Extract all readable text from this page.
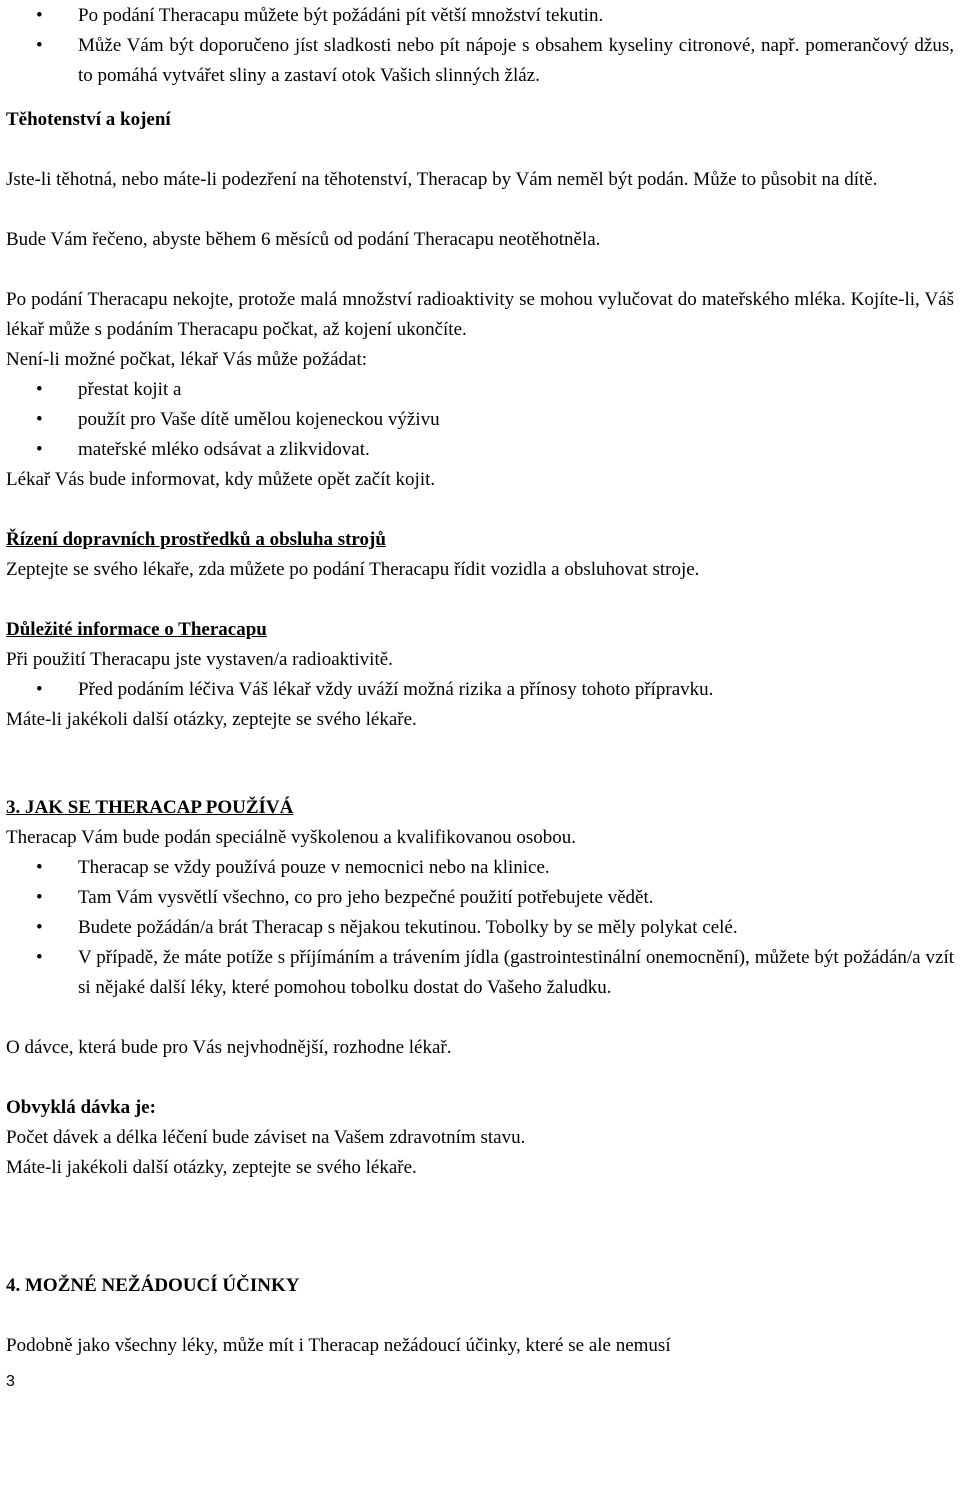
• Po podání Theracapu můžete být požádáni pít větší množství tekutin.
• Může Vám být doporučeno jíst sladkosti nebo pít nápoje s obsahem kyseliny citronové, např. pomerančový džus, to pomáhá vytvářet sliny a zastaví otok Vašich slinných žláz.

Těhotenství a kojení

Jste-li těhotná, nebo máte-li podezření na těhotenství, Theracap by Vám neměl být podán. Může to působit na dítě.

Bude Vám řečeno, abyste během 6 měsíců od podání Theracapu neotěhotněla.

Po podání Theracapu nekojte, protože malá množství radioaktivity se mohou vylučovat do mateřského mléka. Kojíte-li, Váš lékař může s podáním Theracapu počkat, až kojení ukončíte.

Není-li možné počkat, lékař Vás může požádat:

• přestat kojit a
• použít pro Vaše dítě umělou kojeneckou výživu
• mateřské mléko odsávat a zlikvidovat.

Lékař Vás bude informovat, kdy můžete opět začít kojit.

Řízení dopravních prostředků a obsluha strojů

Zeptejte se svého lékaře, zda můžete po podání Theracapu řídit vozidla a obsluhovat stroje.

Důležité informace o Theracapu

Při použití Theracapu jste vystaven/a radioaktivitě.

• Před podáním léčiva Váš lékař vždy uváží možná rizika a přínosy tohoto přípravku.

Máte-li jakékoli další otázky, zeptejte se svého lékaře.

3. JAK SE THERACAP POUŽÍVÁ

Theracap Vám bude podán speciálně vyškolenou a kvalifikovanou osobou.

• Theracap se vždy používá pouze v nemocnici nebo na klinice.
• Tam Vám vysvětlí všechno, co pro jeho bezpečné použití potřebujete vědět.
• Budete požádán/a brát Theracap s nějakou tekutinou. Tobolky by se měly polykat celé.
• V případě, že máte potíže s příjímáním a trávením jídla (gastrointestinální onemocnění), můžete být požádán/a vzít si nějaké další léky, které pomohou tobolku dostat do Vašeho žaludku.

O dávce, která bude pro Vás nejvhodnější, rozhodne lékař.

Obvyklá dávka je:

Počet dávek a délka léčení bude záviset na Vašem zdravotním stavu.

Máte-li jakékoli další otázky, zeptejte se svého lékaře.

4. MOŽNÉ NEŽÁDOUCÍ ÚČINKY

Podobně jako všechny léky, může mít i Theracap nežádoucí účinky, které se ale nemusí

3
